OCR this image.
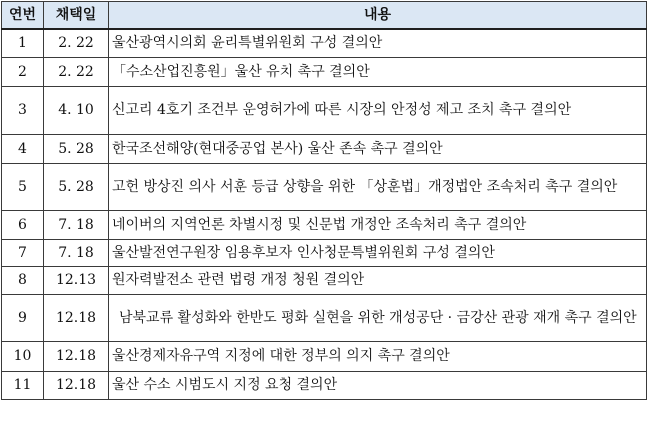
연번	채택일	내용
1	2. 22	울산광역시의회 윤리특별위원회 구성 결의안
2	2. 22	「수소산업진흥원」울산 유치 촉구 결의안
3	4. 10	신고리 4호기 조건부 운영허가에 따른 시장의 안정성 제고 조치 촉구 결의안
4	5. 28	한국조선해양(현대중공업 본사) 울산 존속 촉구 결의안
5	5. 28	고헌 방상진 의사 서훈 등급 상향을 위한 「상훈법」개정법안 조속처리 촉구 결의안
6	7. 18	네이버의 지역언론 차별시정 및 신문법 개정안 조속처리 촉구 결의안
7	7. 18	울산발전연구원장 임용후보자 인사청문특별위원회 구성 결의안
8	12.13	원자력발전소 관련 법령 개정 청원 결의안
9	12.18	남북교류 활성화와 한반도 평화 실현을 위한 개성공단 · 금강산 관광 재개 촉구 결의안
10	12.18	울산경제자유구역 지정에 대한 정부의 의지 촉구 결의안
11	12.18	울산 수소 시범도시 지정 요청 결의안
